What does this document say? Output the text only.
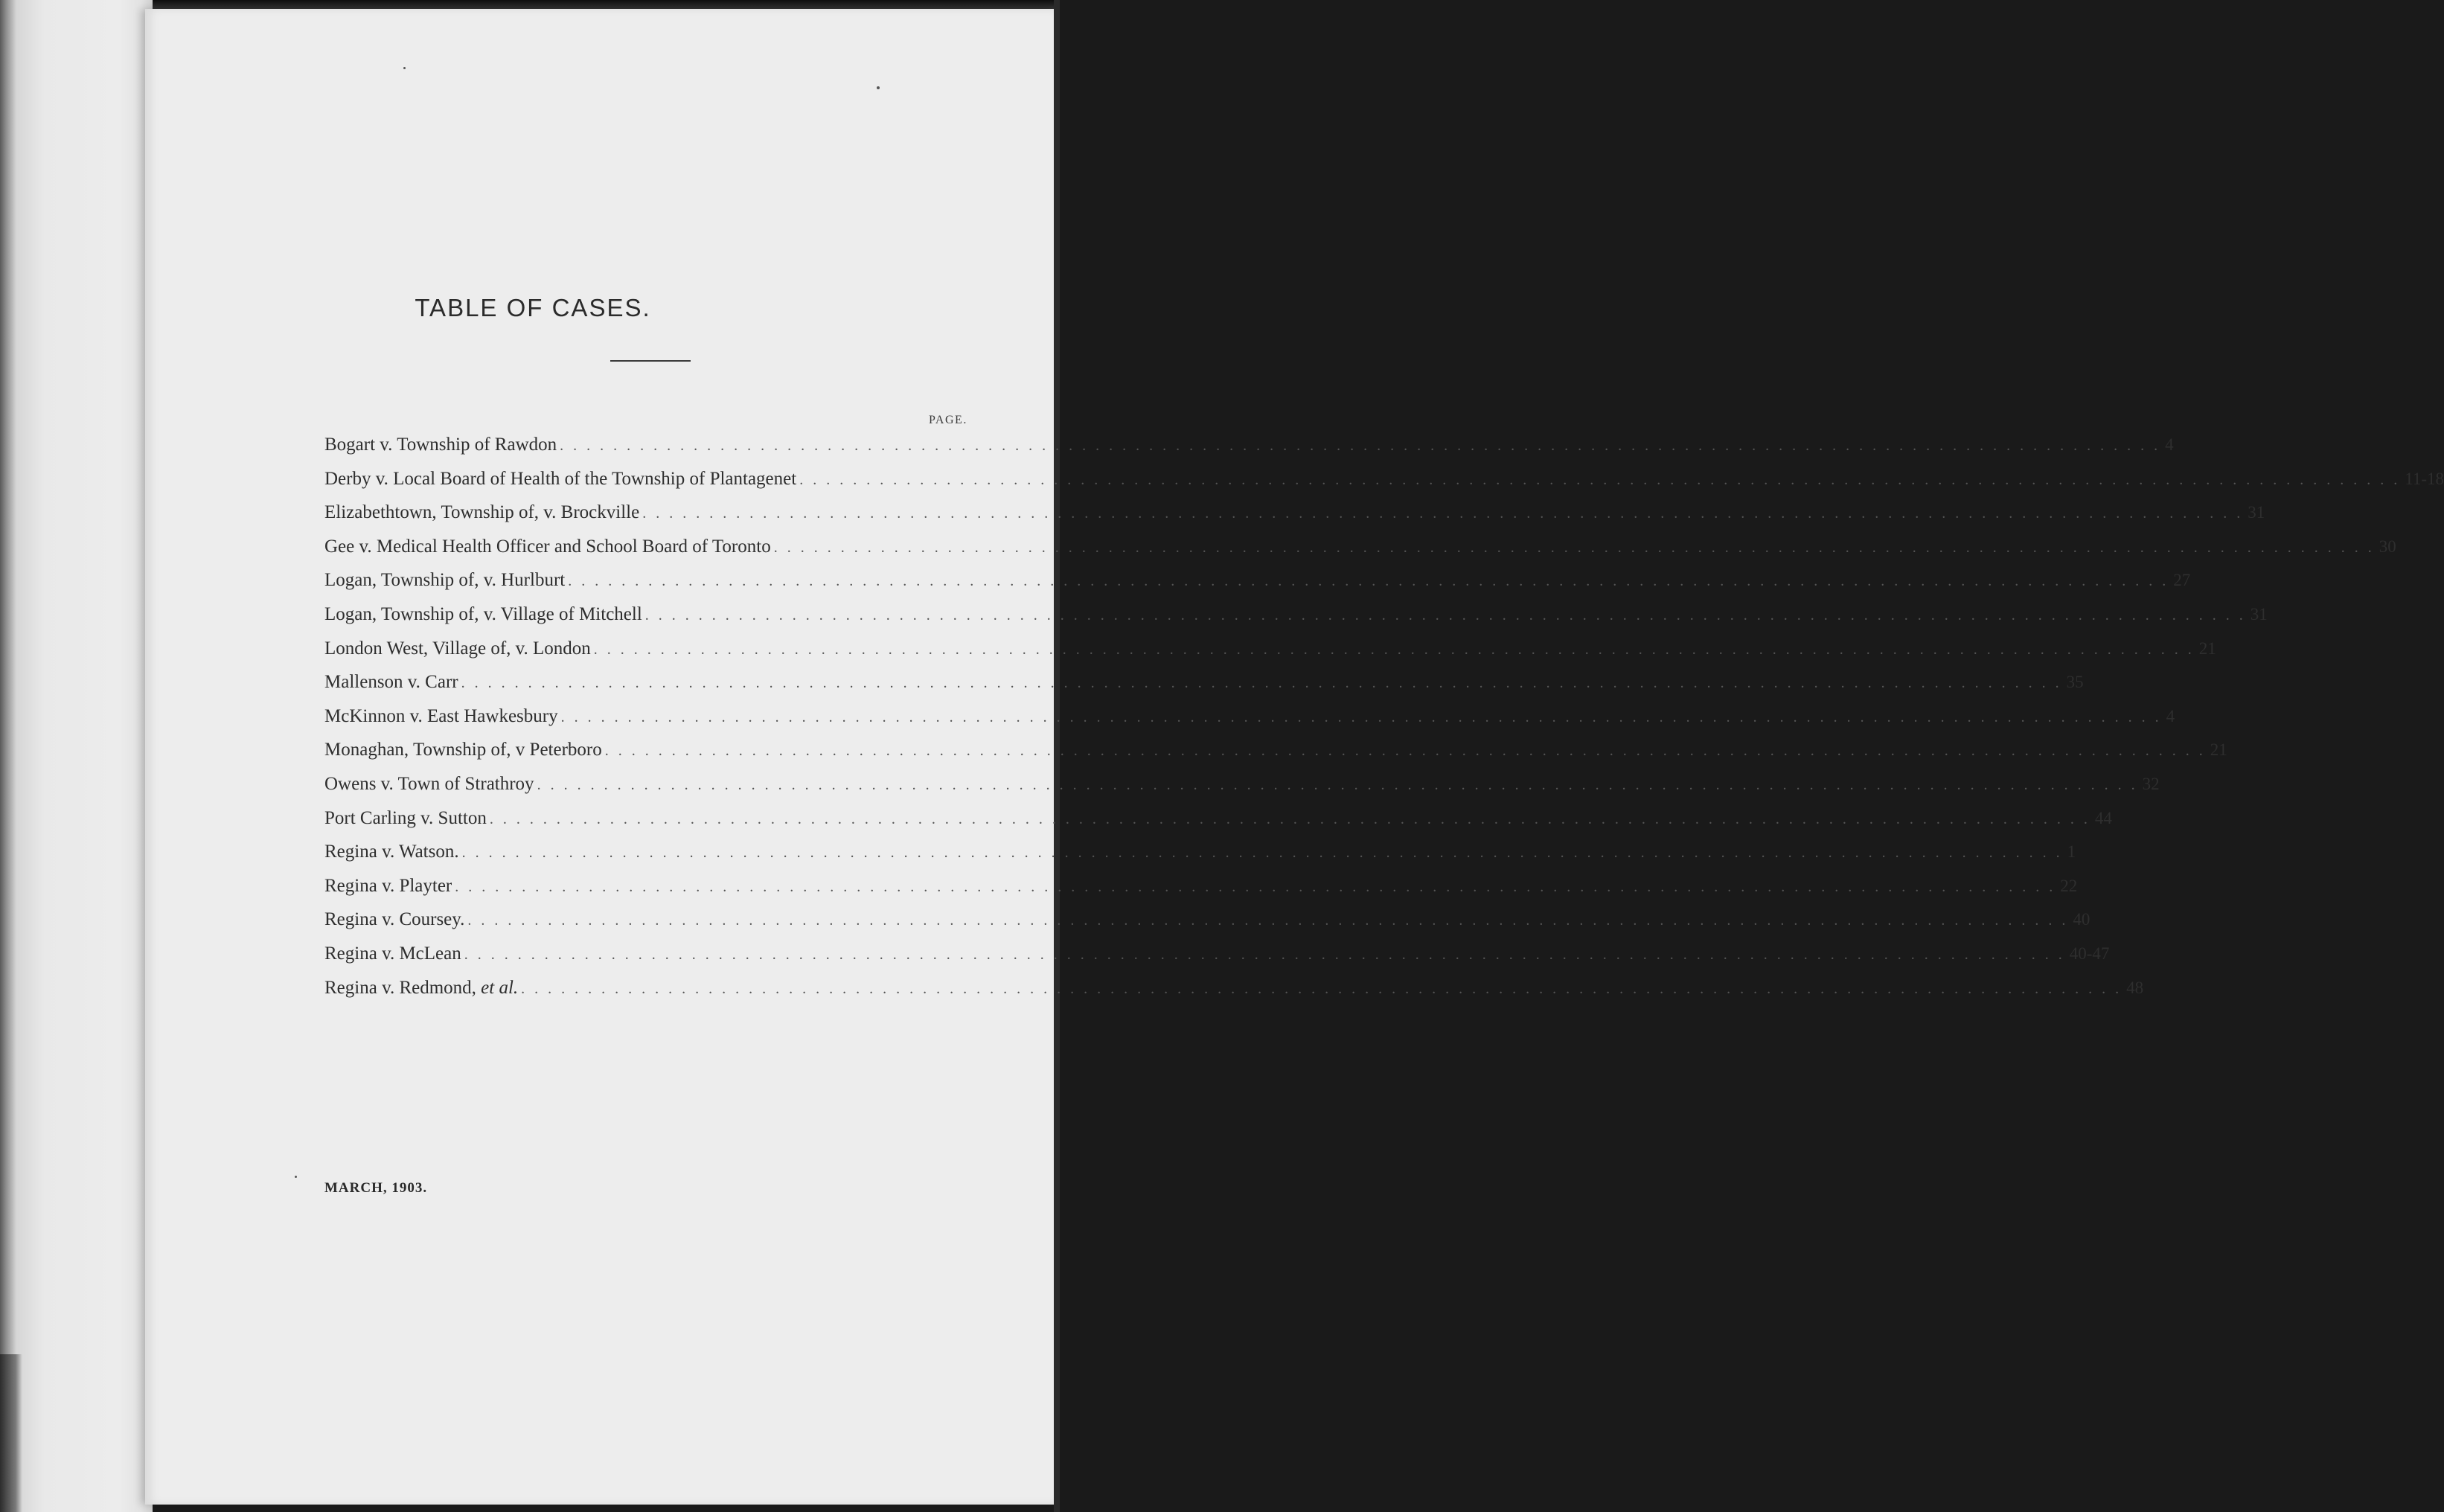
TABLE OF CASES.
PAGE.
Bogart v. Township of Rawdon . . . . . . . . . . . . . . . . . . . . . . . . . . . . . . . . . . . . . . . . . . . . . . . . . . . . . . . . . . . . . . . . . . . . . . . . . . . . . . . . . . . . . . . . . . . . . . . . . . . . . . . . . . . . . . . . . . . . . . . . 4
Derby v. Local Board of Health of the Township of Plantagenet . . . . . . . . . . . . . . . . . . . . . . . . . . . . . . . . . . . . . . . . . . . . . . . . . . . . . . . . . . . . . . . . . . . . . . . . . . . . . . . . . . . . . . . . . . . . . . . . . . . . . . . . . . . . . . . . . . . . . . . . 11-18
Elizabethtown, Township of, v. Brockville . . . . . . . . . . . . . . . . . . . . . . . . . . . . . . . . . . . . . . . . . . . . . . . . . . . . . . . . . . . . . . . . . . . . . . . . . . . . . . . . . . . . . . . . . . . . . . . . . . . . . . . . . . . . . . . . . . . . . . . . 31
Gee v. Medical Health Officer and School Board of Toronto . . . . . . . . . . . . . . . . . . . . . . . . . . . . . . . . . . . . . . . . . . . . . . . . . . . . . . . . . . . . . . . . . . . . . . . . . . . . . . . . . . . . . . . . . . . . . . . . . . . . . . . . . . . . . . . . . . . . . . . . 30
Logan, Township of, v. Hurlburt . . . . . . . . . . . . . . . . . . . . . . . . . . . . . . . . . . . . . . . . . . . . . . . . . . . . . . . . . . . . . . . . . . . . . . . . . . . . . . . . . . . . . . . . . . . . . . . . . . . . . . . . . . . . . . . . . . . . . . . . 27
Logan, Township of, v. Village of Mitchell . . . . . . . . . . . . . . . . . . . . . . . . . . . . . . . . . . . . . . . . . . . . . . . . . . . . . . . . . . . . . . . . . . . . . . . . . . . . . . . . . . . . . . . . . . . . . . . . . . . . . . . . . . . . . . . . . . . . . . . . 31
London West, Village of, v. London . . . . . . . . . . . . . . . . . . . . . . . . . . . . . . . . . . . . . . . . . . . . . . . . . . . . . . . . . . . . . . . . . . . . . . . . . . . . . . . . . . . . . . . . . . . . . . . . . . . . . . . . . . . . . . . . . . . . . . . . 21
Mallenson v. Carr . . . . . . . . . . . . . . . . . . . . . . . . . . . . . . . . . . . . . . . . . . . . . . . . . . . . . . . . . . . . . . . . . . . . . . . . . . . . . . . . . . . . . . . . . . . . . . . . . . . . . . . . . . . . . . . . . . . . . . . . 35
McKinnon v. East Hawkesbury . . . . . . . . . . . . . . . . . . . . . . . . . . . . . . . . . . . . . . . . . . . . . . . . . . . . . . . . . . . . . . . . . . . . . . . . . . . . . . . . . . . . . . . . . . . . . . . . . . . . . . . . . . . . . . . . . . . . . . . . 4
Monaghan, Township of, v Peterboro . . . . . . . . . . . . . . . . . . . . . . . . . . . . . . . . . . . . . . . . . . . . . . . . . . . . . . . . . . . . . . . . . . . . . . . . . . . . . . . . . . . . . . . . . . . . . . . . . . . . . . . . . . . . . . . . . . . . . . . . 21
Owens v. Town of Strathroy . . . . . . . . . . . . . . . . . . . . . . . . . . . . . . . . . . . . . . . . . . . . . . . . . . . . . . . . . . . . . . . . . . . . . . . . . . . . . . . . . . . . . . . . . . . . . . . . . . . . . . . . . . . . . . . . . . . . . . . . 32
Port Carling v. Sutton . . . . . . . . . . . . . . . . . . . . . . . . . . . . . . . . . . . . . . . . . . . . . . . . . . . . . . . . . . . . . . . . . . . . . . . . . . . . . . . . . . . . . . . . . . . . . . . . . . . . . . . . . . . . . . . . . . . . . . . . 44
Regina v. Watson. . . . . . . . . . . . . . . . . . . . . . . . . . . . . . . . . . . . . . . . . . . . . . . . . . . . . . . . . . . . . . . . . . . . . . . . . . . . . . . . . . . . . . . . . . . . . . . . . . . . . . . . . . . . . . . . . . . . . . . . . 1
Regina v. Playter . . . . . . . . . . . . . . . . . . . . . . . . . . . . . . . . . . . . . . . . . . . . . . . . . . . . . . . . . . . . . . . . . . . . . . . . . . . . . . . . . . . . . . . . . . . . . . . . . . . . . . . . . . . . . . . . . . . . . . . . 22
Regina v. Coursey. . . . . . . . . . . . . . . . . . . . . . . . . . . . . . . . . . . . . . . . . . . . . . . . . . . . . . . . . . . . . . . . . . . . . . . . . . . . . . . . . . . . . . . . . . . . . . . . . . . . . . . . . . . . . . . . . . . . . . . . . 40
Regina v. McLean . . . . . . . . . . . . . . . . . . . . . . . . . . . . . . . . . . . . . . . . . . . . . . . . . . . . . . . . . . . . . . . . . . . . . . . . . . . . . . . . . . . . . . . . . . . . . . . . . . . . . . . . . . . . . . . . . . . . . . . . 40-47
Regina v. Redmond, et al. . . . . . . . . . . . . . . . . . . . . . . . . . . . . . . . . . . . . . . . . . . . . . . . . . . . . . . . . . . . . . . . . . . . . . . . . . . . . . . . . . . . . . . . . . . . . . . . . . . . . . . . . . . . . . . . . . . . . . . . . 48
MARCH, 1903.
